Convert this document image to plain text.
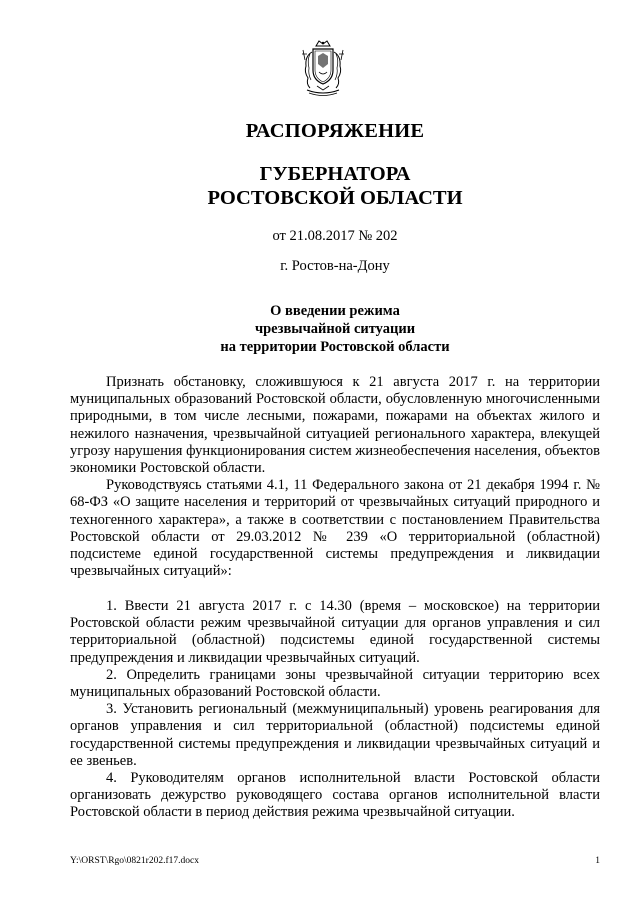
РАСПОРЯЖЕНИЕ
ГУБЕРНАТОРА
РОСТОВСКОЙ ОБЛАСТИ
от 21.08.2017 № 202
г. Ростов-на-Дону
О введении режима
чрезвычайной ситуации
на территории Ростовской области

Признать обстановку, сложившуюся к 21 августа 2017 г. на территории муниципальных образований Ростовской области, обусловленную многочисленными природными, в том числе лесными, пожарами, пожарами на объектах жилого и нежилого назначения, чрезвычайной ситуацией регионального характера, влекущей угрозу нарушения функционирования систем жизнеобеспечения населения, объектов экономики Ростовской области.

Руководствуясь статьями 4.1, 11 Федерального закона от 21 декабря 1994 г. № 68-ФЗ «О защите населения и территорий от чрезвычайных ситуаций природного и техногенного характера», а также в соответствии с постановлением Правительства Ростовской области от 29.03.2012 № 239 «О территориальной (областной) подсистеме единой государственной системы предупреждения и ликвидации чрезвычайных ситуаций»:

1. Ввести 21 августа 2017 г. с 14.30 (время – московское) на территории Ростовской области режим чрезвычайной ситуации для органов управления и сил территориальной (областной) подсистемы единой государственной системы предупреждения и ликвидации чрезвычайных ситуаций.

2. Определить границами зоны чрезвычайной ситуации территорию всех муниципальных образований Ростовской области.

3. Установить региональный (межмуниципальный) уровень реагирования для органов управления и сил территориальной (областной) подсистемы единой государственной системы предупреждения и ликвидации чрезвычайных ситуаций и ее звеньев.

4. Руководителям органов исполнительной власти Ростовской области организовать дежурство руководящего состава органов исполнительной власти Ростовской области в период действия режима чрезвычайной ситуации.

Y:\ORST\Rgo\0821r202.f17.docx	1
